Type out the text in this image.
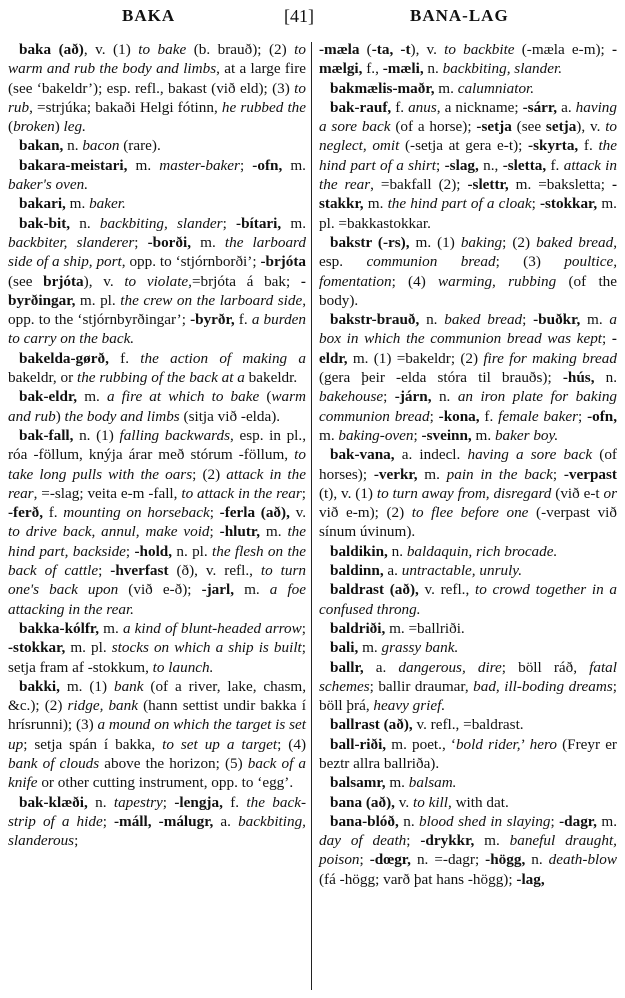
BAKA	[41]	BANA-LAG

baka (að), v. (1) to bake (b. brauð); (2) to warm and rub the body and limbs, at a large fire (see ‘bakeldr’); esp. refl., bakast (við eld); (3) to rub, =strjúka; bakaði Helgi fótinn, he rubbed the (broken) leg.

bakan, n. bacon (rare).

bakara-meistari, m. master-baker; -ofn, m. baker's oven.

bakari, m. baker.

bak-bit, n. backbiting, slander; -bítari, m. backbiter, slanderer; -borði, m. the larboard side of a ship, port, opp. to ‘stjórnborði’; -brjóta (see brjóta), v. to violate,=brjóta á bak; -byrðingar, m. pl. the crew on the larboard side, opp. to the ‘stjórnbyrðingar’; -byrðr, f. a burden to carry on the back.

bakelda-gørð, f. the action of making a bakeldr, or the rubbing of the back at a bakeldr.

bak-eldr, m. a fire at which to bake (warm and rub) the body and limbs (sitja við -elda).

bak-fall, n. (1) falling backwards, esp. in pl., róa -föllum, knýja árar með stórum -föllum, to take long pulls with the oars; (2) attack in the rear, =-slag; veita e-m -fall, to attack in the rear; -ferð, f. mounting on horseback; -ferla (að), v. to drive back, annul, make void; -hlutr, m. the hind part, backside; -hold, n. pl. the flesh on the back of cattle; -hverfast (ð), v. refl., to turn one's back upon (við e-ð); -jarl, m. a foe attacking in the rear.

bakka-kólfr, m. a kind of blunt-headed arrow; -stokkar, m. pl. stocks on which a ship is built; setja fram af -stokkum, to launch.

bakki, m. (1) bank (of a river, lake, chasm, &c.); (2) ridge, bank (hann settist undir bakka í hrísrunni); (3) a mound on which the target is set up; setja spán í bakka, to set up a target; (4) bank of clouds above the horizon; (5) back of a knife or other cutting instrument, opp. to ‘egg’.

bak-klæði, n. tapestry; -lengja, f. the back-strip of a hide; -máll, -málugr, a. backbiting, slanderous;

-mæla (-ta, -t), v. to backbite (-mæla e-m); -mælgi, f., -mæli, n. backbiting, slander.

bakmælis-maðr, m. calumniator.

bak-rauf, f. anus, a nickname; -sárr, a. having a sore back (of a horse); -setja (see setja), v. to neglect, omit (-setja at gera e-t); -skyrta, f. the hind part of a shirt; -slag, n., -sletta, f. attack in the rear, =bakfall (2); -slettr, m. =baksletta; -stakkr, m. the hind part of a cloak; -stokkar, m. pl. =bakkastokkar.

bakstr (-rs), m. (1) baking; (2) baked bread, esp. communion bread; (3) poultice, fomentation; (4) warming, rubbing (of the body).

bakstr-brauð, n. baked bread; -buðkr, m. a box in which the communion bread was kept; -eldr, m. (1) =bakeldr; (2) fire for making bread (gera þeir -elda stóra til brauðs); -hús, n. bakehouse; -járn, n. an iron plate for baking communion bread; -kona, f. female baker; -ofn, m. baking-oven; -sveinn, m. baker boy.

bak-vana, a. indecl. having a sore back (of horses); -verkr, m. pain in the back; -verpast (t), v. (1) to turn away from, disregard (við e-t or við e-m); (2) to flee before one (-verpast við sínum úvinum).

baldikin, n. baldaquin, rich brocade.

baldinn, a. untractable, unruly.

baldrast (að), v. refl., to crowd together in a confused throng.

baldriði, m. =ballriði.

bali, m. grassy bank.

ballr, a. dangerous, dire; böll ráð, fatal schemes; ballir draumar, bad, ill-boding dreams; böll þrá, heavy grief.

ballrast (að), v. refl., =baldrast.

ball-riði, m. poet., ‘bold rider,’ hero (Freyr er beztr allra ballriða).

balsamr, m. balsam.

bana (að), v. to kill, with dat.

bana-blóð, n. blood shed in slaying; -dagr, m. day of death; -drykkr, m. baneful draught, poison; -dœgr, n. =-dagr; -högg, n. death-blow (fá -högg; varð þat hans -högg); -lag,
